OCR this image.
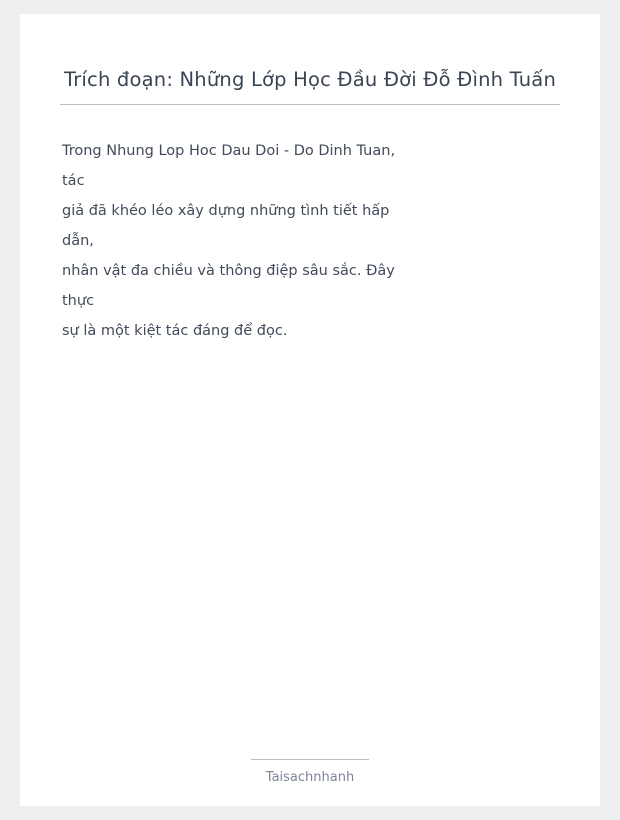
Trích đoạn: Những Lớp Học Đầu Đời Đỗ Đình Tuấn
Trong Nhung Lop Hoc Dau Doi - Do Dinh Tuan,
tác
giả đã khéo léo xây dựng những tình tiết hấp
dẫn,
nhân vật đa chiều và thông điệp sâu sắc. Đây
thực
sự là một kiệt tác đáng để đọc.
Taisachnhanh
